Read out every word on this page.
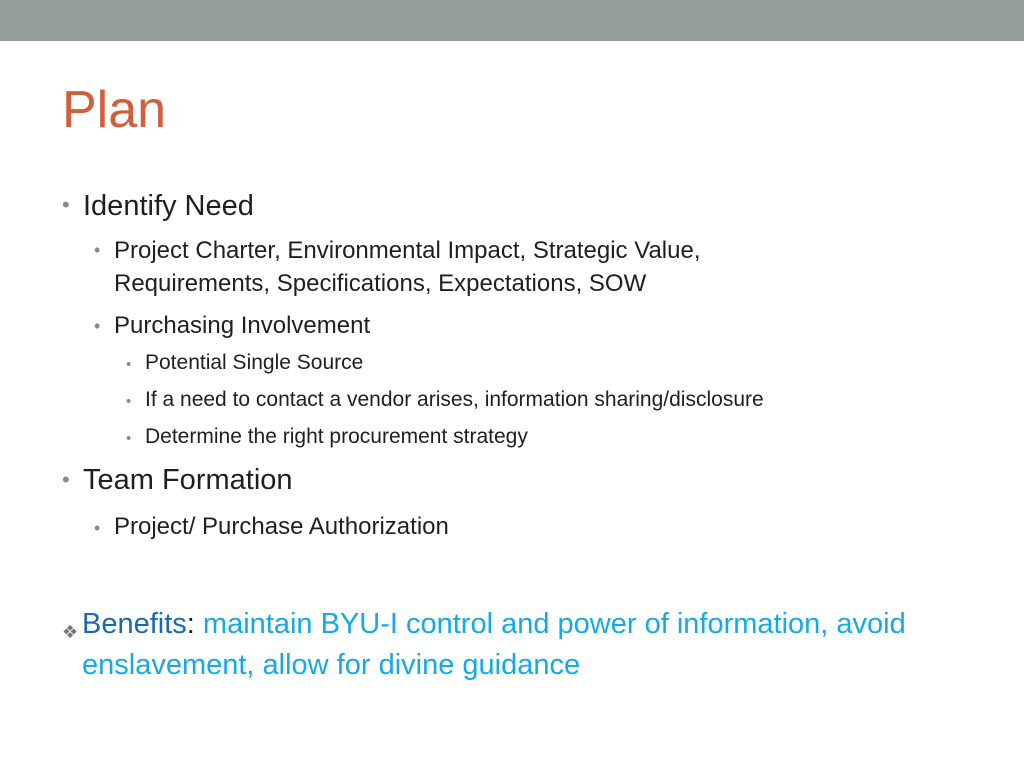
Plan
• Identify Need
• Project Charter, Environmental Impact, Strategic Value,
Requirements, Specifications, Expectations, SOW
• Purchasing Involvement
• Potential Single Source
• If a need to contact a vendor arises, information sharing/disclosure
• Determine the right procurement strategy
• Team Formation
• Project/ Purchase Authorization
❖ Benefits: maintain BYU-I control and power of information, avoid enslavement, allow for divine guidance
